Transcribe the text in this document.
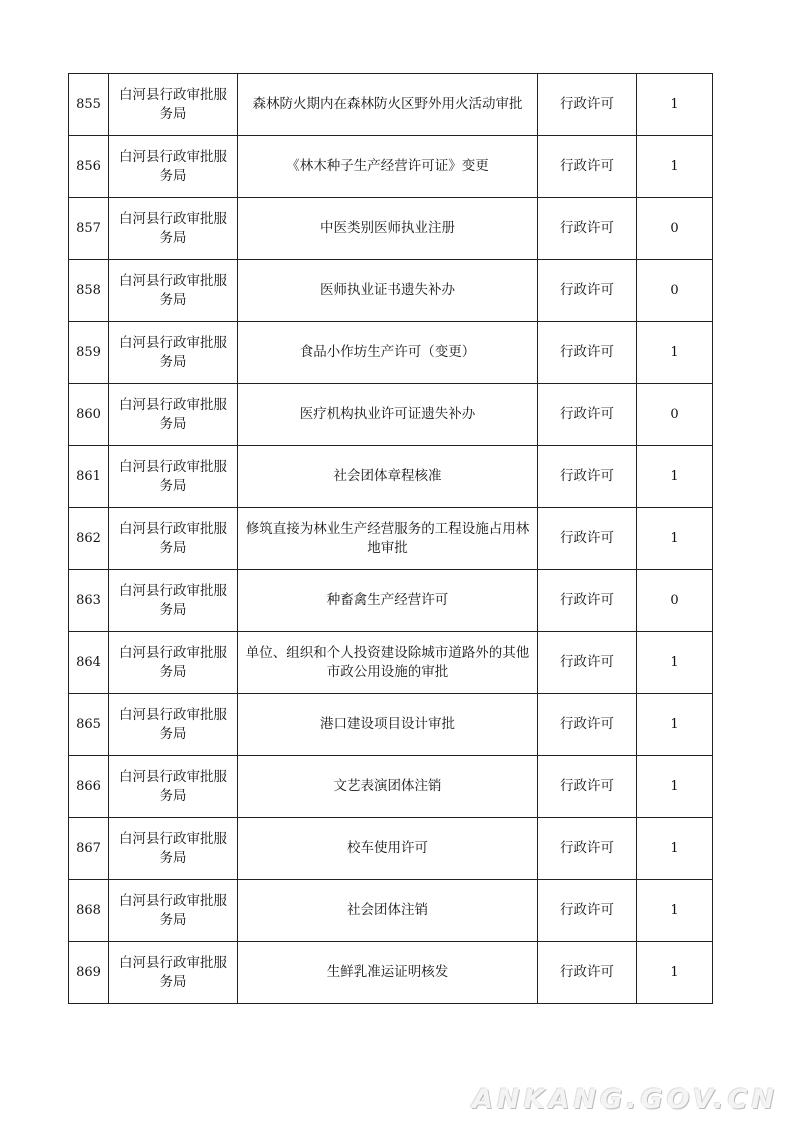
855	白河县行政审批服务局	森林防火期内在森林防火区野外用火活动审批	行政许可	1
856	白河县行政审批服务局	《林木种子生产经营许可证》变更	行政许可	1
857	白河县行政审批服务局	中医类别医师执业注册	行政许可	0
858	白河县行政审批服务局	医师执业证书遗失补办	行政许可	0
859	白河县行政审批服务局	食品小作坊生产许可（变更）	行政许可	1
860	白河县行政审批服务局	医疗机构执业许可证遗失补办	行政许可	0
861	白河县行政审批服务局	社会团体章程核准	行政许可	1
862	白河县行政审批服务局	修筑直接为林业生产经营服务的工程设施占用林地审批	行政许可	1
863	白河县行政审批服务局	种畜禽生产经营许可	行政许可	0
864	白河县行政审批服务局	单位、组织和个人投资建设除城市道路外的其他市政公用设施的审批	行政许可	1
865	白河县行政审批服务局	港口建设项目设计审批	行政许可	1
866	白河县行政审批服务局	文艺表演团体注销	行政许可	1
867	白河县行政审批服务局	校车使用许可	行政许可	1
868	白河县行政审批服务局	社会团体注销	行政许可	1
869	白河县行政审批服务局	生鲜乳准运证明核发	行政许可	1
ANKANG.GOV.CN
